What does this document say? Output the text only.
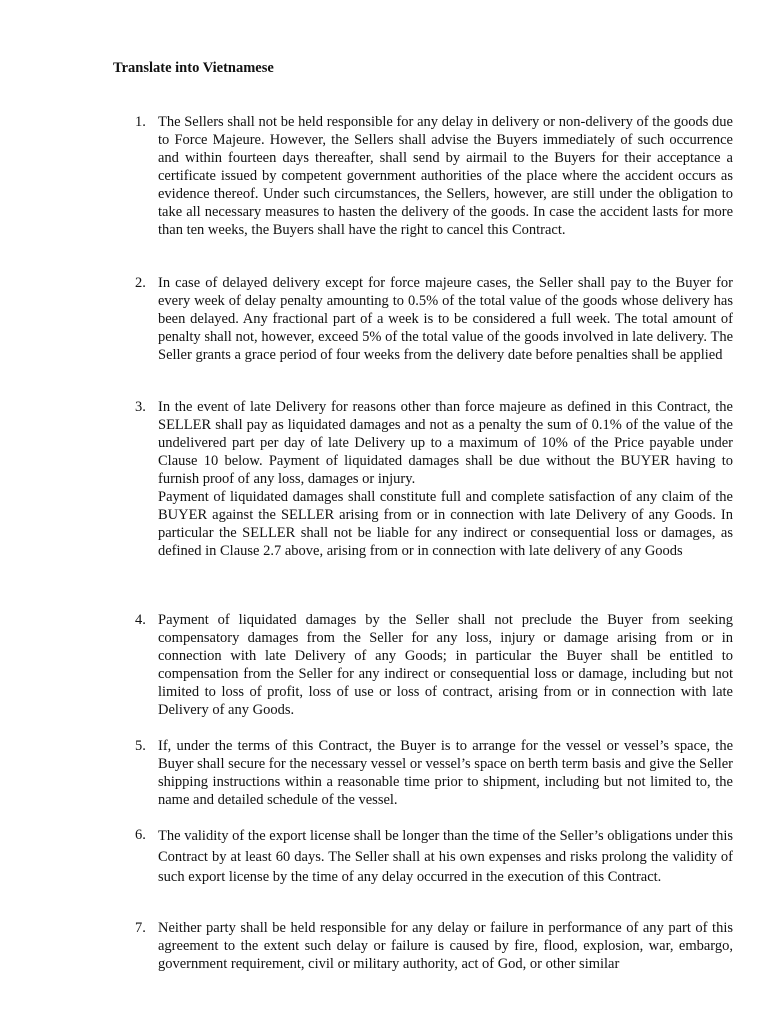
Translate into Vietnamese
1. The Sellers shall not be held responsible for any delay in delivery or non-delivery of the goods due to Force Majeure. However, the Sellers shall advise the Buyers immediately of such occurrence and within fourteen days thereafter, shall send by airmail to the Buyers for their acceptance a certificate issued by competent government authorities of the place where the accident occurs as evidence thereof. Under such circumstances, the Sellers, however, are still under the obligation to take all necessary measures to hasten the delivery of the goods. In case the accident lasts for more than ten weeks, the Buyers shall have the right to cancel this Contract.
2. In case of delayed delivery except for force majeure cases, the Seller shall pay to the Buyer for every week of delay penalty amounting to 0.5% of the total value of the goods whose delivery has been delayed. Any fractional part of a week is to be considered a full week. The total amount of penalty shall not, however, exceed 5% of the total value of the goods involved in late delivery. The Seller grants a grace period of four weeks from the delivery date before penalties shall be applied
3. In the event of late Delivery for reasons other than force majeure as defined in this Contract, the SELLER shall pay as liquidated damages and not as a penalty the sum of 0.1% of the value of the undelivered part per day of late Delivery up to a maximum of 10% of the Price payable under Clause 10 below. Payment of liquidated damages shall be due without the BUYER having to furnish proof of any loss, damages or injury.
Payment of liquidated damages shall constitute full and complete satisfaction of any claim of the BUYER against the SELLER arising from or in connection with late Delivery of any Goods. In particular the SELLER shall not be liable for any indirect or consequential loss or damages, as defined in Clause 2.7 above, arising from or in connection with late delivery of any Goods
4. Payment of liquidated damages by the Seller shall not preclude the Buyer from seeking compensatory damages from the Seller for any loss, injury or damage arising from or in connection with late Delivery of any Goods; in particular the Buyer shall be entitled to compensation from the Seller for any indirect or consequential loss or damage, including but not limited to loss of profit, loss of use or loss of contract, arising from or in connection with late Delivery of any Goods.
5. If, under the terms of this Contract, the Buyer is to arrange for the vessel or vessel’s space, the Buyer shall secure for the necessary vessel or vessel’s space on berth term basis and give the Seller shipping instructions within a reasonable time prior to shipment, including but not limited to, the name and detailed schedule of the vessel.
6. The validity of the export license shall be longer than the time of the Seller’s obligations under this Contract by at least 60 days. The Seller shall at his own expenses and risks prolong the validity of such export license by the time of any delay occurred in the execution of this Contract.
7. Neither party shall be held responsible for any delay or failure in performance of any part of this agreement to the extent such delay or failure is caused by fire, flood, explosion, war, embargo, government requirement, civil or military authority, act of God, or other similar
